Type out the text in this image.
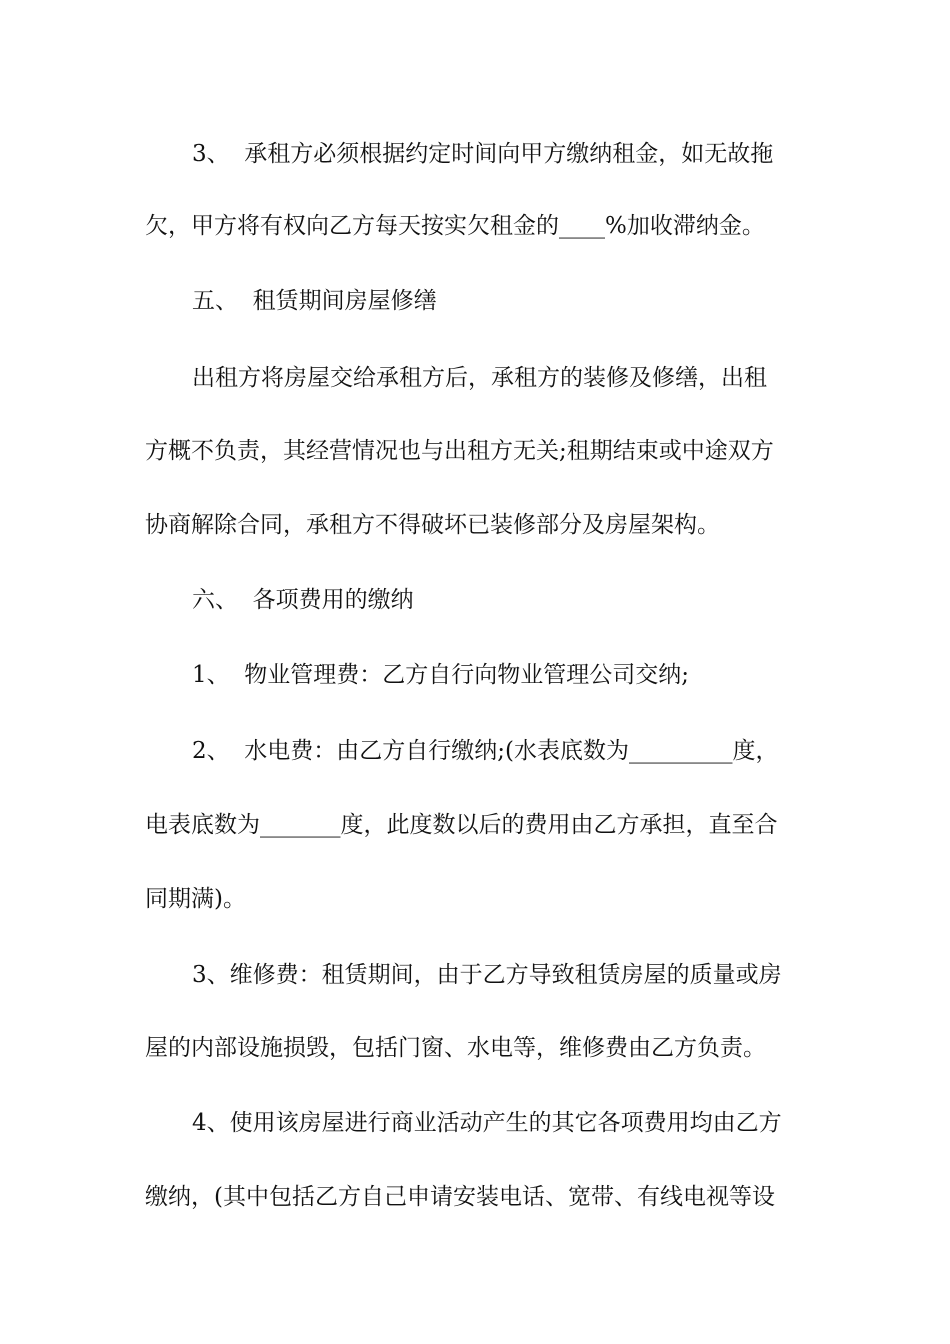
3、  承租方必须根据约定时间向甲方缴纳租金，如无故拖
欠，甲方将有权向乙方每天按实欠租金的____%加收滞纳金。
五、  租赁期间房屋修缮
出租方将房屋交给承租方后，承租方的装修及修缮，出租
方概不负责，其经营情况也与出租方无关;租期结束或中途双方
协商解除合同，承租方不得破坏已装修部分及房屋架构。
六、  各项费用的缴纳
1、  物业管理费：乙方自行向物业管理公司交纳;
2、  水电费：由乙方自行缴纳;(水表底数为_________度，
电表底数为_______度，此度数以后的费用由乙方承担，直至合
同期满)。
3、维修费：租赁期间，由于乙方导致租赁房屋的质量或房
屋的内部设施损毁，包括门窗、水电等，维修费由乙方负责。
4、使用该房屋进行商业活动产生的其它各项费用均由乙方
缴纳，(其中包括乙方自己申请安装电话、宽带、有线电视等设
